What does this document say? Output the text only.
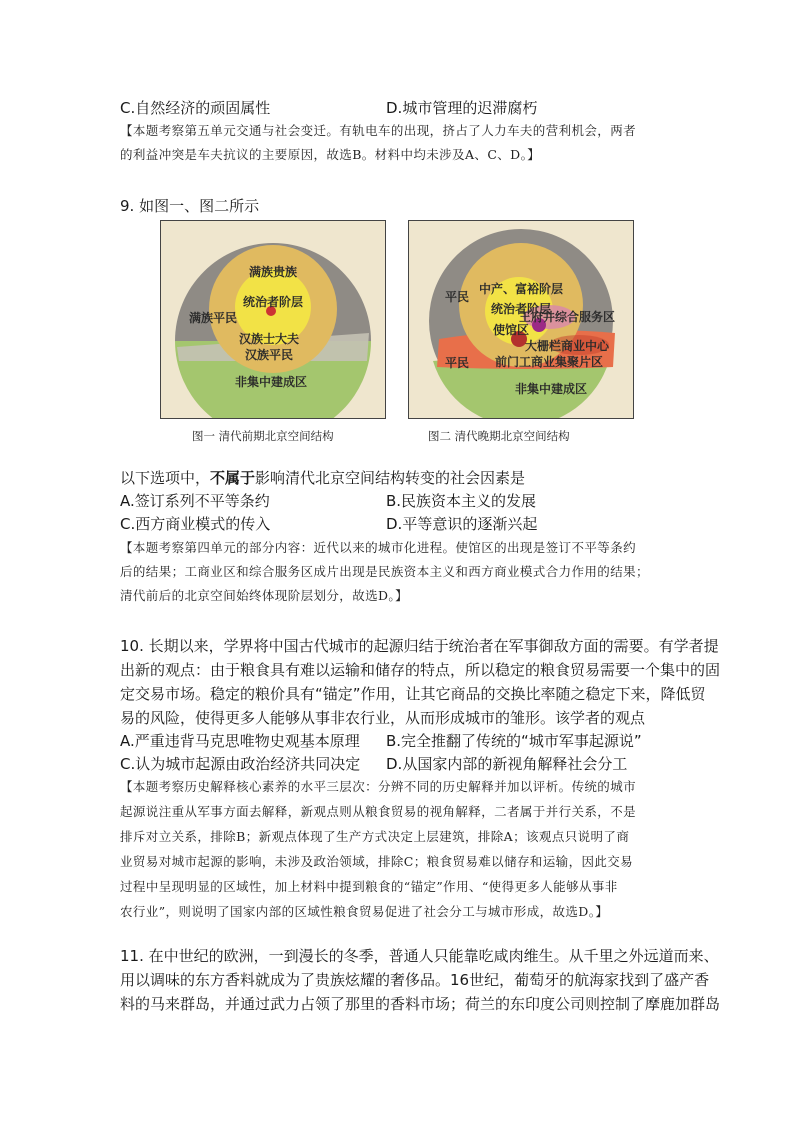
C.自然经济的顽固属性	D.城市管理的迟滞腐朽
【本题考察第五单元交通与社会变迁。有轨电车的出现，挤占了人力车夫的营利机会，两者
的利益冲突是车夫抗议的主要原因，故选B。材料中均未涉及A、C、D。】
9. 如图一、图二所示
满族贵族
统治者阶层
满族平民
汉族士大夫
汉族平民
非集中建成区
图一 清代前期北京空间结构
中产、富裕阶层
平民
统治者阶层
王府井综合服务区
使馆区
大栅栏商业中心
平民 前门工商业集聚片区
非集中建成区
图二 清代晚期北京空间结构
以下选项中，不属于影响清代北京空间结构转变的社会因素是
A.签订系列不平等条约	B.民族资本主义的发展
C.西方商业模式的传入	D.平等意识的逐渐兴起
【本题考察第四单元的部分内容：近代以来的城市化进程。使馆区的出现是签订不平等条约
后的结果；工商业区和综合服务区成片出现是民族资本主义和西方商业模式合力作用的结果；
清代前后的北京空间始终体现阶层划分，故选D。】
10. 长期以来，学界将中国古代城市的起源归结于统治者在军事御敌方面的需要。有学者提
出新的观点：由于粮食具有难以运输和储存的特点，所以稳定的粮食贸易需要一个集中的固
定交易市场。稳定的粮价具有“锚定”作用，让其它商品的交换比率随之稳定下来，降低贸
易的风险，使得更多人能够从事非农行业，从而形成城市的雏形。该学者的观点
A.严重违背马克思唯物史观基本原理 B.完全推翻了传统的“城市军事起源说”
C.认为城市起源由政治经济共同决定 D.从国家内部的新视角解释社会分工
【本题考察历史解释核心素养的水平三层次：分辨不同的历史解释并加以评析。传统的城市
起源说注重从军事方面去解释，新观点则从粮食贸易的视角解释，二者属于并行关系，不是
排斥对立关系，排除B；新观点体现了生产方式决定上层建筑，排除A；该观点只说明了商
业贸易对城市起源的影响，未涉及政治领域，排除C；粮食贸易难以储存和运输，因此交易
过程中呈现明显的区域性，加上材料中提到粮食的“锚定”作用、“使得更多人能够从事非
农行业”，则说明了国家内部的区域性粮食贸易促进了社会分工与城市形成，故选D。】
11. 在中世纪的欧洲，一到漫长的冬季，普通人只能靠吃咸肉维生。从千里之外远道而来、
用以调味的东方香料就成为了贵族炫耀的奢侈品。16世纪，葡萄牙的航海家找到了盛产香
料的马来群岛，并通过武力占领了那里的香料市场；荷兰的东印度公司则控制了摩鹿加群岛
